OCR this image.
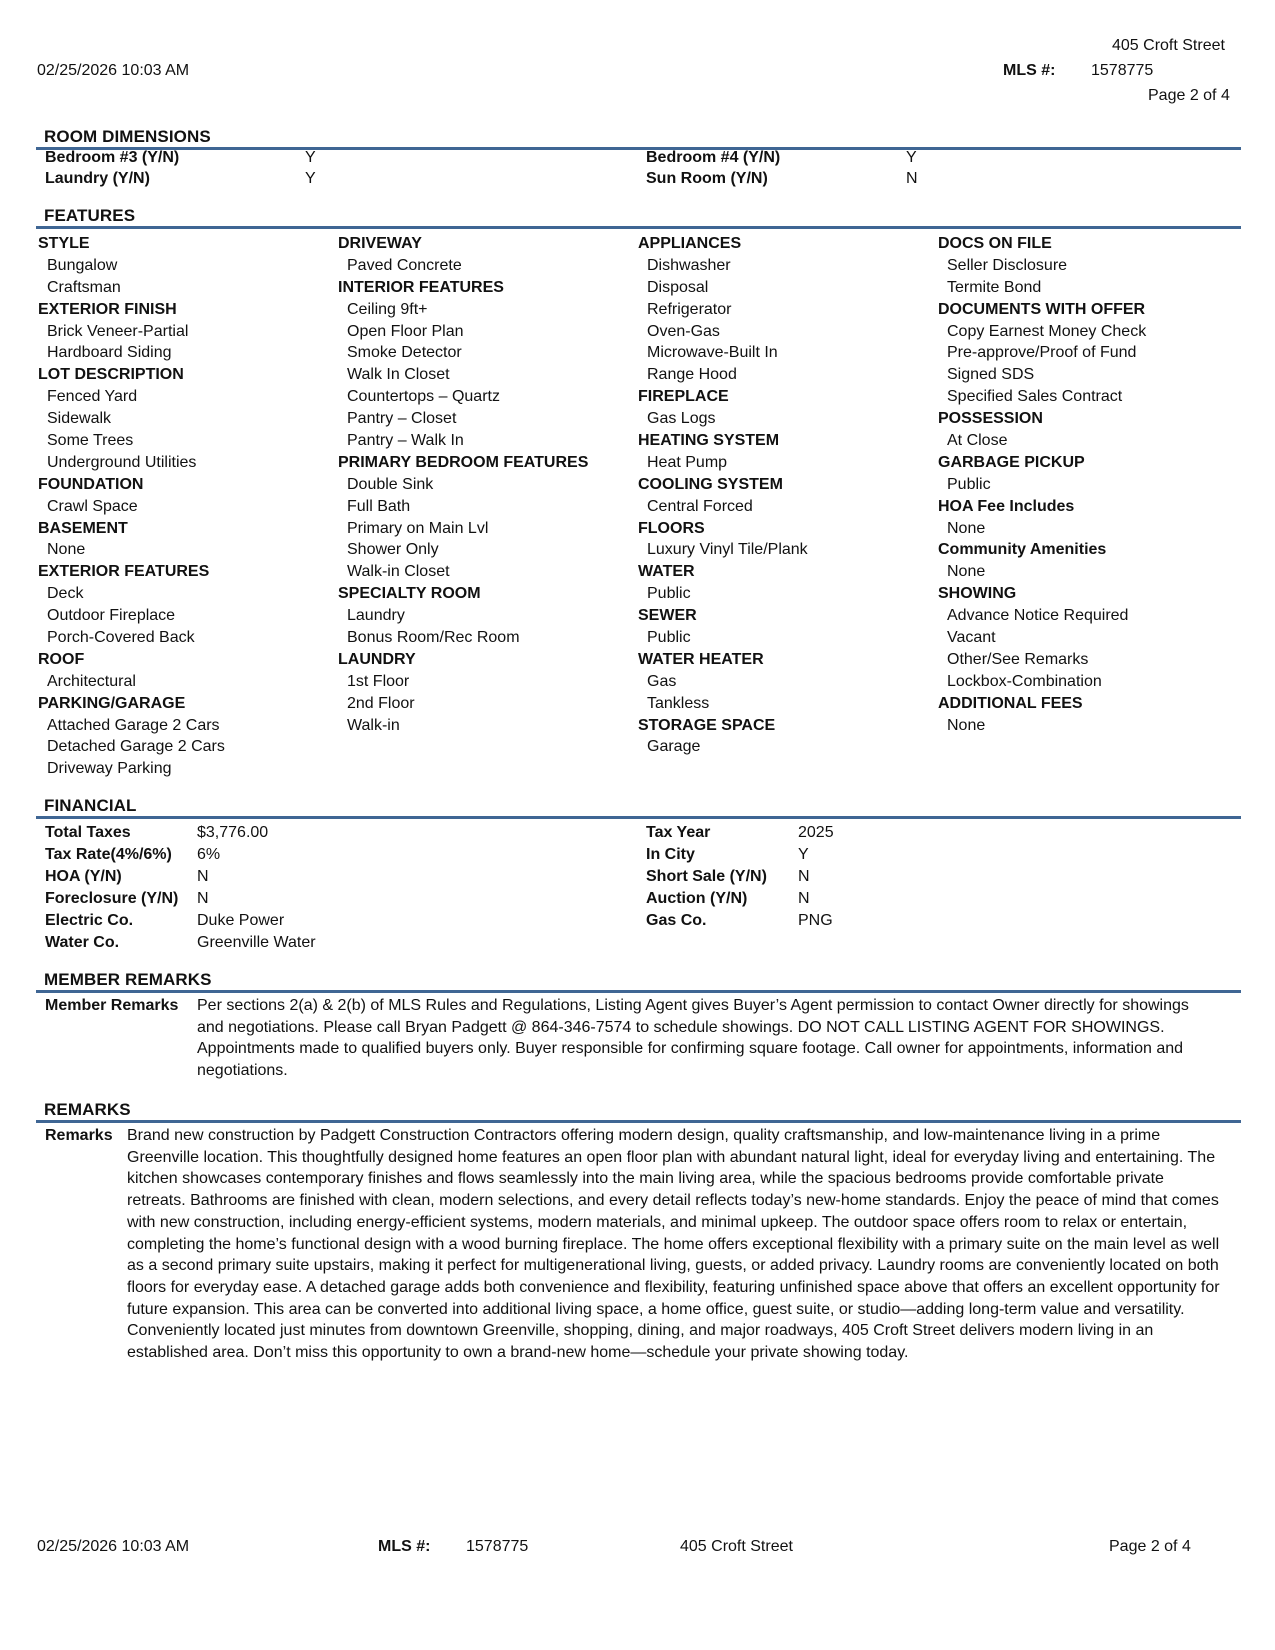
405 Croft Street
02/25/2026 10:03 AM	MLS #: 1578775
Page 2 of 4
ROOM DIMENSIONS
Bedroom #3 (Y/N)	Y
Laundry (Y/N)	Y
Bedroom #4 (Y/N)	Y
Sun Room (Y/N)	N
FEATURES
STYLE
Bungalow
Craftsman
EXTERIOR FINISH
Brick Veneer-Partial
Hardboard Siding
LOT DESCRIPTION
Fenced Yard
Sidewalk
Some Trees
Underground Utilities
FOUNDATION
Crawl Space
BASEMENT
None
EXTERIOR FEATURES
Deck
Outdoor Fireplace
Porch-Covered Back
ROOF
Architectural
PARKING/GARAGE
Attached Garage 2 Cars
Detached Garage 2 Cars
Driveway Parking
DRIVEWAY
Paved Concrete
INTERIOR FEATURES
Ceiling 9ft+
Open Floor Plan
Smoke Detector
Walk In Closet
Countertops – Quartz
Pantry – Closet
Pantry – Walk In
PRIMARY BEDROOM FEATURES
Double Sink
Full Bath
Primary on Main Lvl
Shower Only
Walk-in Closet
SPECIALTY ROOM
Laundry
Bonus Room/Rec Room
LAUNDRY
1st Floor
2nd Floor
Walk-in
APPLIANCES
Dishwasher
Disposal
Refrigerator
Oven-Gas
Microwave-Built In
Range Hood
FIREPLACE
Gas Logs
HEATING SYSTEM
Heat Pump
COOLING SYSTEM
Central Forced
FLOORS
Luxury Vinyl Tile/Plank
WATER
Public
SEWER
Public
WATER HEATER
Gas
Tankless
STORAGE SPACE
Garage
DOCS ON FILE
Seller Disclosure
Termite Bond
DOCUMENTS WITH OFFER
Copy Earnest Money Check
Pre-approve/Proof of Fund
Signed SDS
Specified Sales Contract
POSSESSION
At Close
GARBAGE PICKUP
Public
HOA Fee Includes
None
Community Amenities
None
SHOWING
Advance Notice Required
Vacant
Other/See Remarks
Lockbox-Combination
ADDITIONAL FEES
None
FINANCIAL
Total Taxes	$3,776.00
Tax Rate(4%/6%) 6%
HOA (Y/N)	N
Foreclosure (Y/N) N
Electric Co.	Duke Power
Water Co.	Greenville Water
Tax Year	2025
In City	Y
Short Sale (Y/N) N
Auction (Y/N)	N
Gas Co.	PNG
MEMBER REMARKS
Member Remarks Per sections 2(a) & 2(b) of MLS Rules and Regulations, Listing Agent gives Buyer’s Agent permission to contact Owner directly for showings and negotiations. Please call Bryan Padgett @ 864-346-7574 to schedule showings. DO NOT CALL LISTING AGENT FOR SHOWINGS. Appointments made to qualified buyers only. Buyer responsible for confirming square footage. Call owner for appointments, information and negotiations.
REMARKS
Remarks Brand new construction by Padgett Construction Contractors offering modern design, quality craftsmanship, and low-maintenance living in a prime Greenville location. This thoughtfully designed home features an open floor plan with abundant natural light, ideal for everyday living and entertaining. The kitchen showcases contemporary finishes and flows seamlessly into the main living area, while the spacious bedrooms provide comfortable private retreats. Bathrooms are finished with clean, modern selections, and every detail reflects today’s new-home standards. Enjoy the peace of mind that comes with new construction, including energy-efficient systems, modern materials, and minimal upkeep. The outdoor space offers room to relax or entertain, completing the home’s functional design with a wood burning fireplace. The home offers exceptional flexibility with a primary suite on the main level as well as a second primary suite upstairs, making it perfect for multigenerational living, guests, or added privacy. Laundry rooms are conveniently located on both floors for everyday ease. A detached garage adds both convenience and flexibility, featuring unfinished space above that offers an excellent opportunity for future expansion. This area can be converted into additional living space, a home office, guest suite, or studio—adding long-term value and versatility. Conveniently located just minutes from downtown Greenville, shopping, dining, and major roadways, 405 Croft Street delivers modern living in an established area. Don’t miss this opportunity to own a brand-new home—schedule your private showing today.
02/25/2026 10:03 AM	MLS #: 1578775	405 Croft Street	Page 2 of 4
